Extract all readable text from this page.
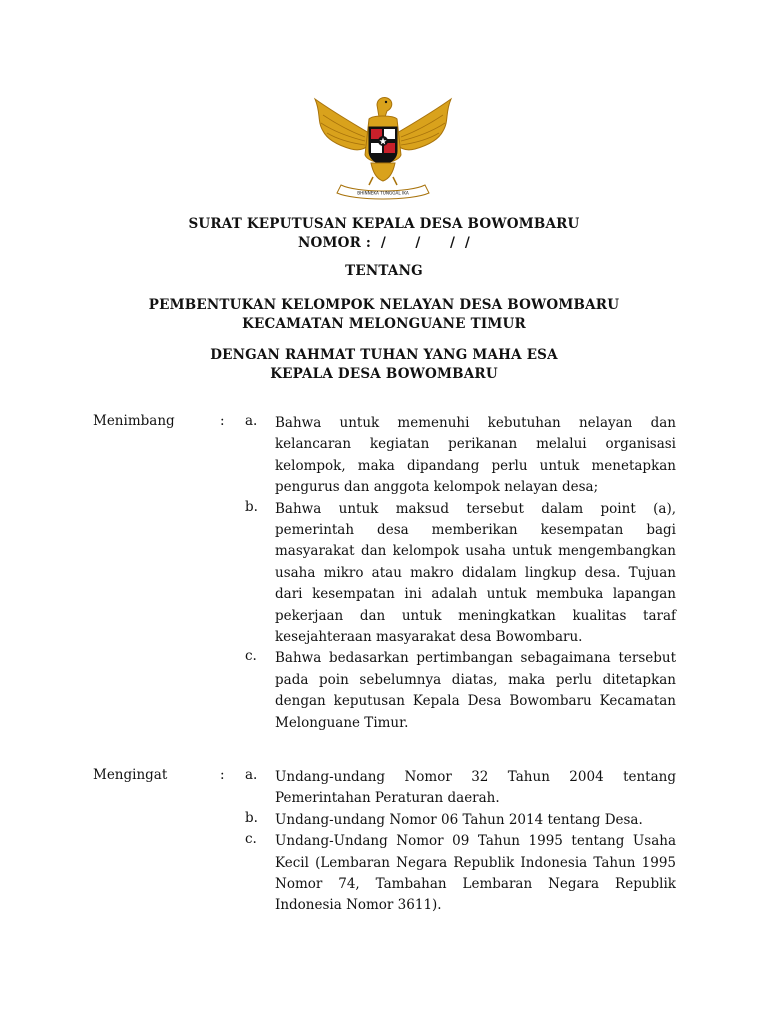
BHINNEKA TUNGGAL IKA
SURAT KEPUTUSAN KEPALA DESA BOWOMBARU
NOMOR :  /      /      /  /
TENTANG
PEMBENTUKAN KELOMPOK NELAYAN DESA BOWOMBARU
KECAMATAN MELONGUANE TIMUR
DENGAN RAHMAT TUHAN YANG MAHA ESA
KEPALA DESA BOWOMBARU
Menimbang	: a.	Bahwa untuk memenuhi kebutuhan nelayan dan kelancaran kegiatan perikanan melalui organisasi kelompok, maka dipandang perlu untuk menetapkan pengurus dan anggota kelompok nelayan desa;
b.	Bahwa untuk maksud tersebut dalam point (a), pemerintah desa memberikan kesempatan bagi masyarakat dan kelompok usaha untuk mengembangkan usaha mikro atau makro didalam lingkup desa. Tujuan dari kesempatan ini adalah untuk membuka lapangan pekerjaan dan untuk meningkatkan kualitas taraf kesejahteraan masyarakat desa Bowombaru.
c.	Bahwa bedasarkan pertimbangan sebagaimana tersebut pada poin sebelumnya diatas, maka perlu ditetapkan dengan keputusan Kepala Desa Bowombaru Kecamatan Melonguane Timur.
Mengingat	: a.	Undang-undang Nomor 32 Tahun 2004 tentang Pemerintahan Peraturan daerah.
b.	Undang-undang Nomor 06 Tahun 2014 tentang Desa.
c.	Undang-Undang Nomor 09 Tahun 1995 tentang Usaha Kecil (Lembaran Negara Republik Indonesia Tahun 1995 Nomor 74, Tambahan Lembaran Negara Republik Indonesia Nomor 3611).
